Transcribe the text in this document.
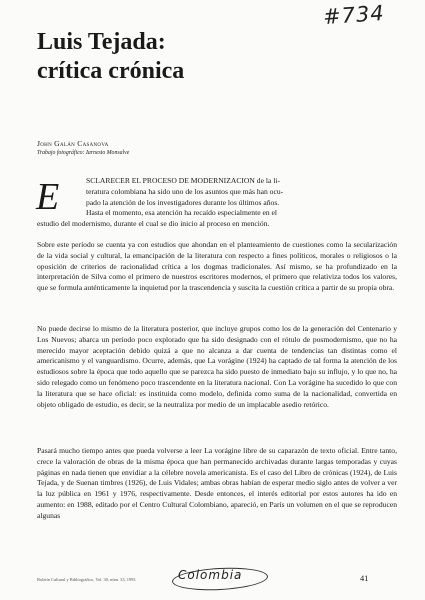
#734
Luis Tejada:
crítica crónica
John Galán Casanova
Trabajo fotográfico: Iarnesto Monsalve
E	SCLARECER EL PROCESO DE MODERNIZACION de la li-
teratura colombiana ha sido uno de los asuntos que más han ocu-
pado la atención de los investigadores durante los últimos años.
Hasta el momento, esa atención ha recaído especialmente en el
estudio del modernismo, durante el cual se dio inicio al proceso en mención.
Sobre este período se cuenta ya con estudios que ahondan en el planteamiento de cuestiones como la secularización de la vida social y cultural, la emancipación de la literatura con respecto a fines políticos, morales o religiosos o la oposición de criterios de racionalidad crítica a los dogmas tradicionales. Así mismo, se ha profundizado en la interpretación de Silva como el primero de nuestros escritores modernos, el primero que relativiza todos los valores, que se formula auténticamente la inquietud por la trascendencia y suscita la cuestión crítica a partir de su propia obra.
No puede decirse lo mismo de la literatura posterior, que incluye grupos como los de la generación del Centenario y Los Nuevos; abarca un período poco explorado que ha sido designado con el rótulo de posmodernismo, que no ha merecido mayor aceptación debido quizá a que no alcanza a dar cuenta de tendencias tan distintas como el americanismo y el vanguardismo. Ocurre, además, que La vorágine (1924) ha captado de tal forma la atención de los estudiosos sobre la época que todo aquello que se parezca ha sido puesto de inmediato bajo su influjo, y lo que no, ha sido relegado como un fenómeno poco trascendente en la literatura nacional. Con La vorágine ha sucedido lo que con la literatura que se hace oficial: es instituida como modelo, definida como suma de la nacionalidad, convertida en objeto obligado de estudio, es decir, se la neutraliza por medio de un implacable asedio retórico.
Pasará mucho tiempo antes que pueda volverse a leer La vorágine libre de su caparazón de texto oficial. Entre tanto, crece la valoración de obras de la misma época que han permanecido archivadas durante largas temporadas y cuyas páginas en nada tienen que envidiar a la célebre novela americanista. Es el caso del Libro de crónicas (1924), de Luis Tejada, y de Suenan timbres (1926), de Luis Vidales; ambas obras habían de esperar medio siglo antes de volver a ver la luz pública en 1961 y 1976, respectivamente. Desde entonces, el interés editorial por estos autores ha ido en aumento: en 1988, editado por el Centro Cultural Colombiano, apareció, en París un volumen en el que se reproducen algunas
Boletín Cultural y Bibliográfico, Vol. 30, núm. 33, 1993	Colombia	41
